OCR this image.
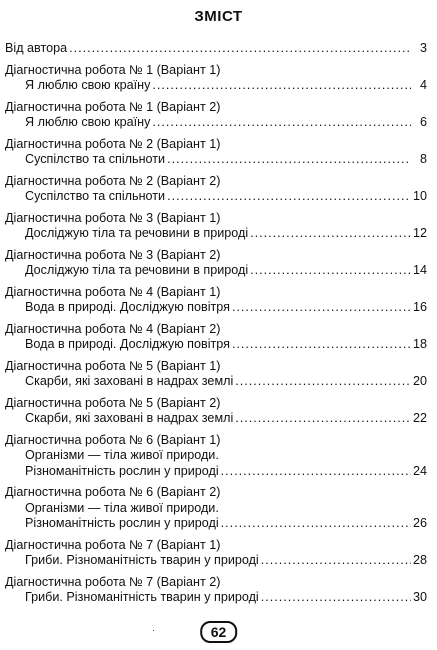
ЗМІСТ
Від автора .....	3
Діагностична робота № 1 (Варіант 1)
Я люблю свою країну .....	4
Діагностична робота № 1 (Варіант 2)
Я люблю свою країну .....	6
Діагностична робота № 2 (Варіант 1)
Суспілство та спільноти .....	8
Діагностична робота № 2 (Варіант 2)
Суспілство та спільноти .....	10
Діагностична робота № 3 (Варіант 1)
Досліджую тіла та речовини в природі .....	12
Діагностична робота № 3 (Варіант 2)
Досліджую тіла та речовини в природі .....	14
Діагностична робота № 4 (Варіант 1)
Вода в природі. Досліджую повітря .....	16
Діагностична робота № 4 (Варіант 2)
Вода в природі. Досліджую повітря .....	18
Діагностична робота № 5 (Варіант 1)
Скарби, які заховані в надрах землі .....	20
Діагностична робота № 5 (Варіант 2)
Скарби, які заховані в надрах землі .....	22
Діагностична робота № 6 (Варіант 1)
Організми — тіла живої природи.
Різноманітність рослин у природі .....	24
Діагностична робота № 6 (Варіант 2)
Організми — тіла живої природи.
Різноманітність рослин у природі .....	26
Діагностична робота № 7 (Варіант 1)
Гриби. Різноманітність тварин у природі .....	28
Діагностична робота № 7 (Варіант 2)
Гриби. Різноманітність тварин у природі .....	30
·	62
